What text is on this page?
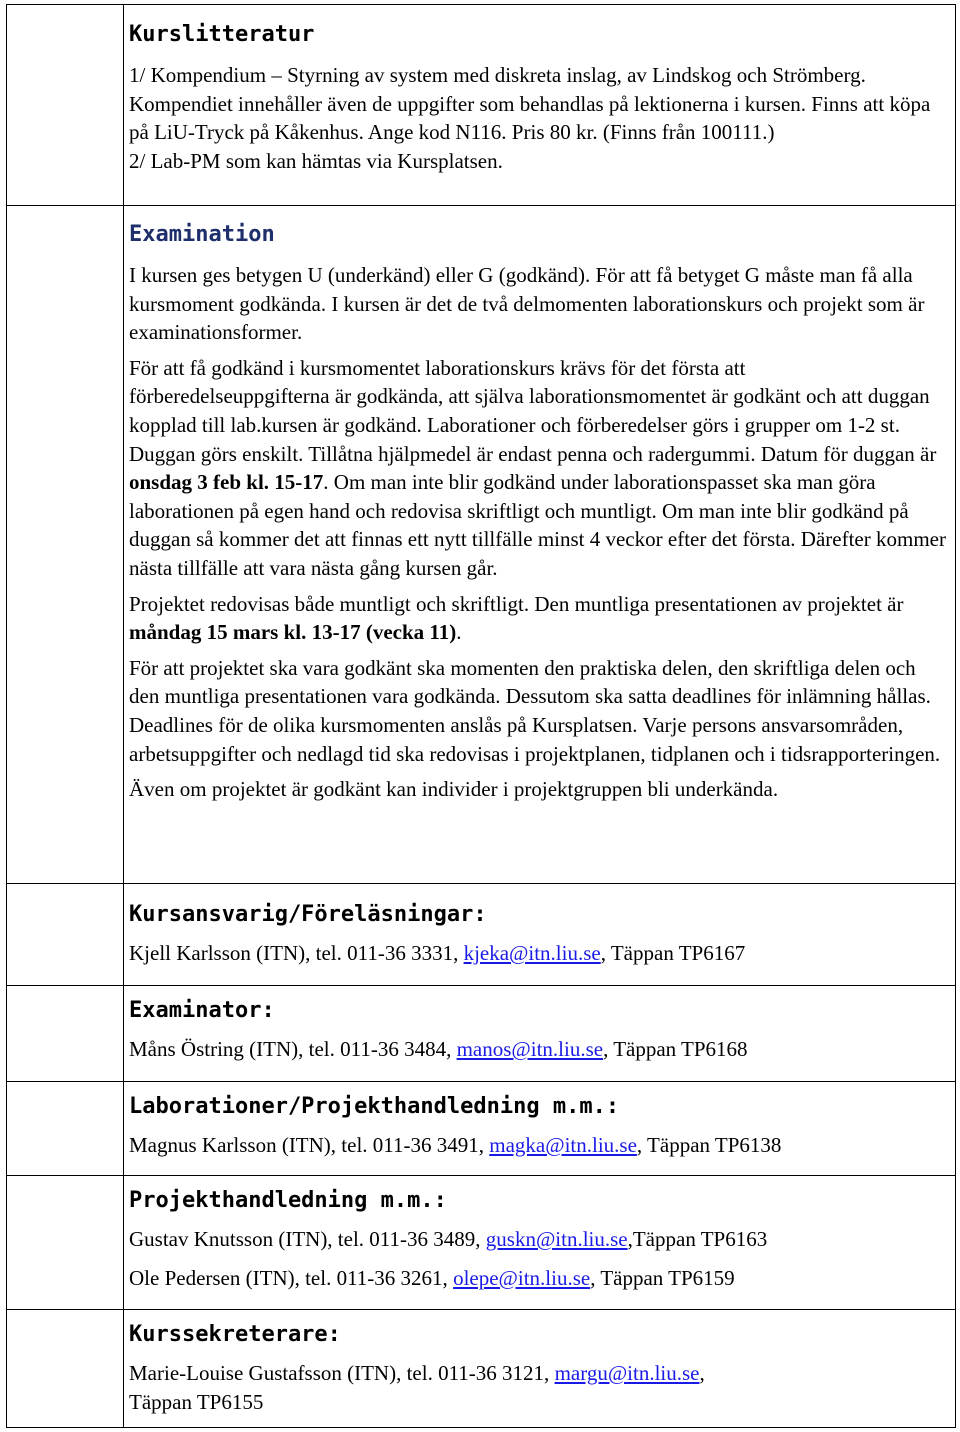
Kurslitteratur

1/ Kompendium – Styrning av system med diskreta inslag, av Lindskog och Strömberg. Kompendiet innehåller även de uppgifter som behandlas på lektionerna i kursen. Finns att köpa på LiU-Tryck på Kåkenhus. Ange kod N116. Pris 80 kr. (Finns från 100111.)

2/ Lab-PM som kan hämtas via Kursplatsen.

Examination

I kursen ges betygen U (underkänd) eller G (godkänd). För att få betyget G måste man få alla kursmoment godkända. I kursen är det de två delmomenten laborationskurs och projekt som är examinationsformer.

För att få godkänd i kursmomentet laborationskurs krävs för det första att förberedelseuppgifterna är godkända, att själva laborationsmomentet är godkänt och att duggan kopplad till lab.kursen är godkänd. Laborationer och förberedelser görs i grupper om 1-2 st. Duggan görs enskilt. Tillåtna hjälpmedel är endast penna och radergummi. Datum för duggan är onsdag 3 feb kl. 15-17. Om man inte blir godkänd under laborationspasset ska man göra laborationen på egen hand och redovisa skriftligt och muntligt. Om man inte blir godkänd på duggan så kommer det att finnas ett nytt tillfälle minst 4 veckor efter det första. Därefter kommer nästa tillfälle att vara nästa gång kursen går.

Projektet redovisas både muntligt och skriftligt. Den muntliga presentationen av projektet är måndag 15 mars kl. 13-17 (vecka 11).

För att projektet ska vara godkänt ska momenten den praktiska delen, den skriftliga delen och den muntliga presentationen vara godkända. Dessutom ska satta deadlines för inlämning hållas. Deadlines för de olika kursmomenten anslås på Kursplatsen. Varje persons ansvarsområden, arbetsuppgifter och nedlagd tid ska redovisas i projektplanen, tidplanen och i tidsrapporteringen.

Även om projektet är godkänt kan individer i projektgruppen bli underkända.

Kursansvarig/Föreläsningar:

Kjell Karlsson (ITN), tel. 011-36 3331, kjeka@itn.liu.se, Täppan TP6167

Examinator:

Måns Östring (ITN), tel. 011-36 3484, manos@itn.liu.se, Täppan TP6168

Laborationer/Projekthandledning m.m.:

Magnus Karlsson (ITN), tel. 011-36 3491, magka@itn.liu.se, Täppan TP6138

Projekthandledning m.m.:

Gustav Knutsson (ITN), tel. 011-36 3489, guskn@itn.liu.se,Täppan TP6163

Ole Pedersen (ITN), tel. 011-36 3261, olepe@itn.liu.se, Täppan TP6159

Kurssekreterare:

Marie-Louise Gustafsson (ITN), tel. 011-36 3121, margu@itn.liu.se,
Täppan TP6155
